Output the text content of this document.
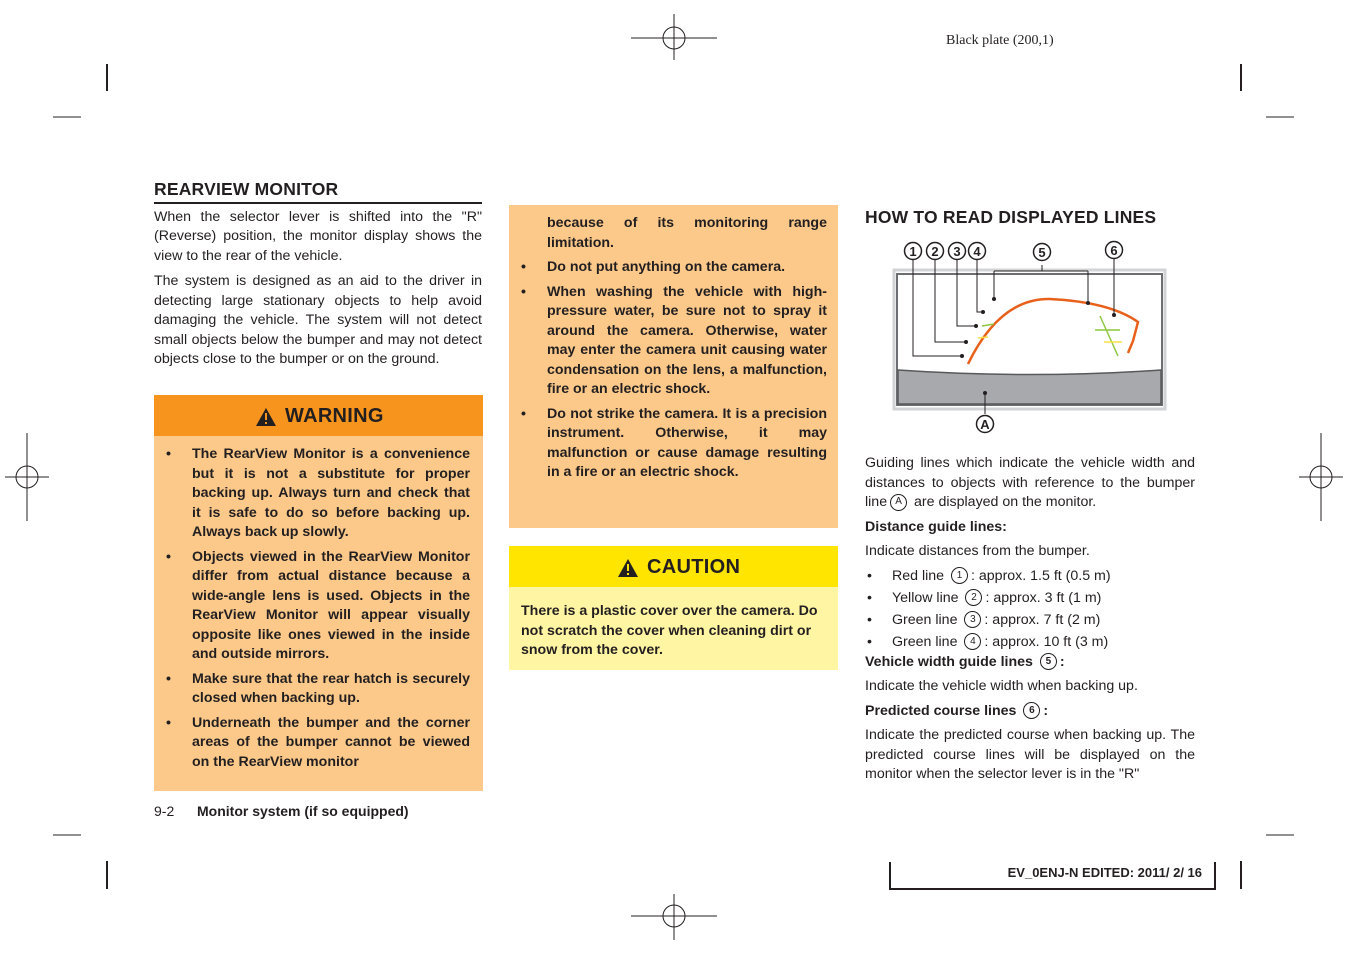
Black plate (200,1)
REARVIEW MONITOR

When the selector lever is shifted into the "R" (Reverse) position, the monitor display shows the view to the rear of the vehicle.

The system is designed as an aid to the driver in detecting large stationary objects to help avoid damaging the vehicle. The system will not detect small objects below the bumper and may not detect objects close to the bumper or on the ground.

WARNING
• The RearView Monitor is a convenience but it is not a substitute for proper backing up. Always turn and check that it is safe to do so before backing up. Always back up slowly.
• Objects viewed in the RearView Monitor differ from actual distance because a wide-angle lens is used. Objects in the RearView Monitor will appear visually opposite like ones viewed in the inside and outside mirrors.
• Make sure that the rear hatch is securely closed when backing up.
• Underneath the bumper and the corner areas of the bumper cannot be viewed on the RearView monitor
because of its monitoring range limitation.
• Do not put anything on the camera.
• When washing the vehicle with high-pressure water, be sure not to spray it around the camera. Otherwise, water may enter the camera unit causing water condensation on the lens, a malfunction, fire or an electric shock.
• Do not strike the camera. It is a precision instrument. Otherwise, it may malfunction or cause damage resulting in a fire or an electric shock.
CAUTION
There is a plastic cover over the camera. Do not scratch the cover when cleaning dirt or snow from the cover.
HOW TO READ DISPLAYED LINES
1 2 3 4	5	6
A

Guiding lines which indicate the vehicle width and distances to objects with reference to the bumper line A are displayed on the monitor.

Distance guide lines:
Indicate distances from the bumper.
• Red line 1 : approx. 1.5 ft (0.5 m)
• Yellow line 2 : approx. 3 ft (1 m)
• Green line 3 : approx. 7 ft (2 m)
• Green line 4 : approx. 10 ft (3 m)
Vehicle width guide lines 5 :
Indicate the vehicle width when backing up.
Predicted course lines 6 :

Indicate the predicted course when backing up. The predicted course lines will be displayed on the monitor when the selector lever is in the "R"

9-2 Monitor system (if so equipped)
EV_0ENJ-N EDITED: 2011/ 2/ 16
